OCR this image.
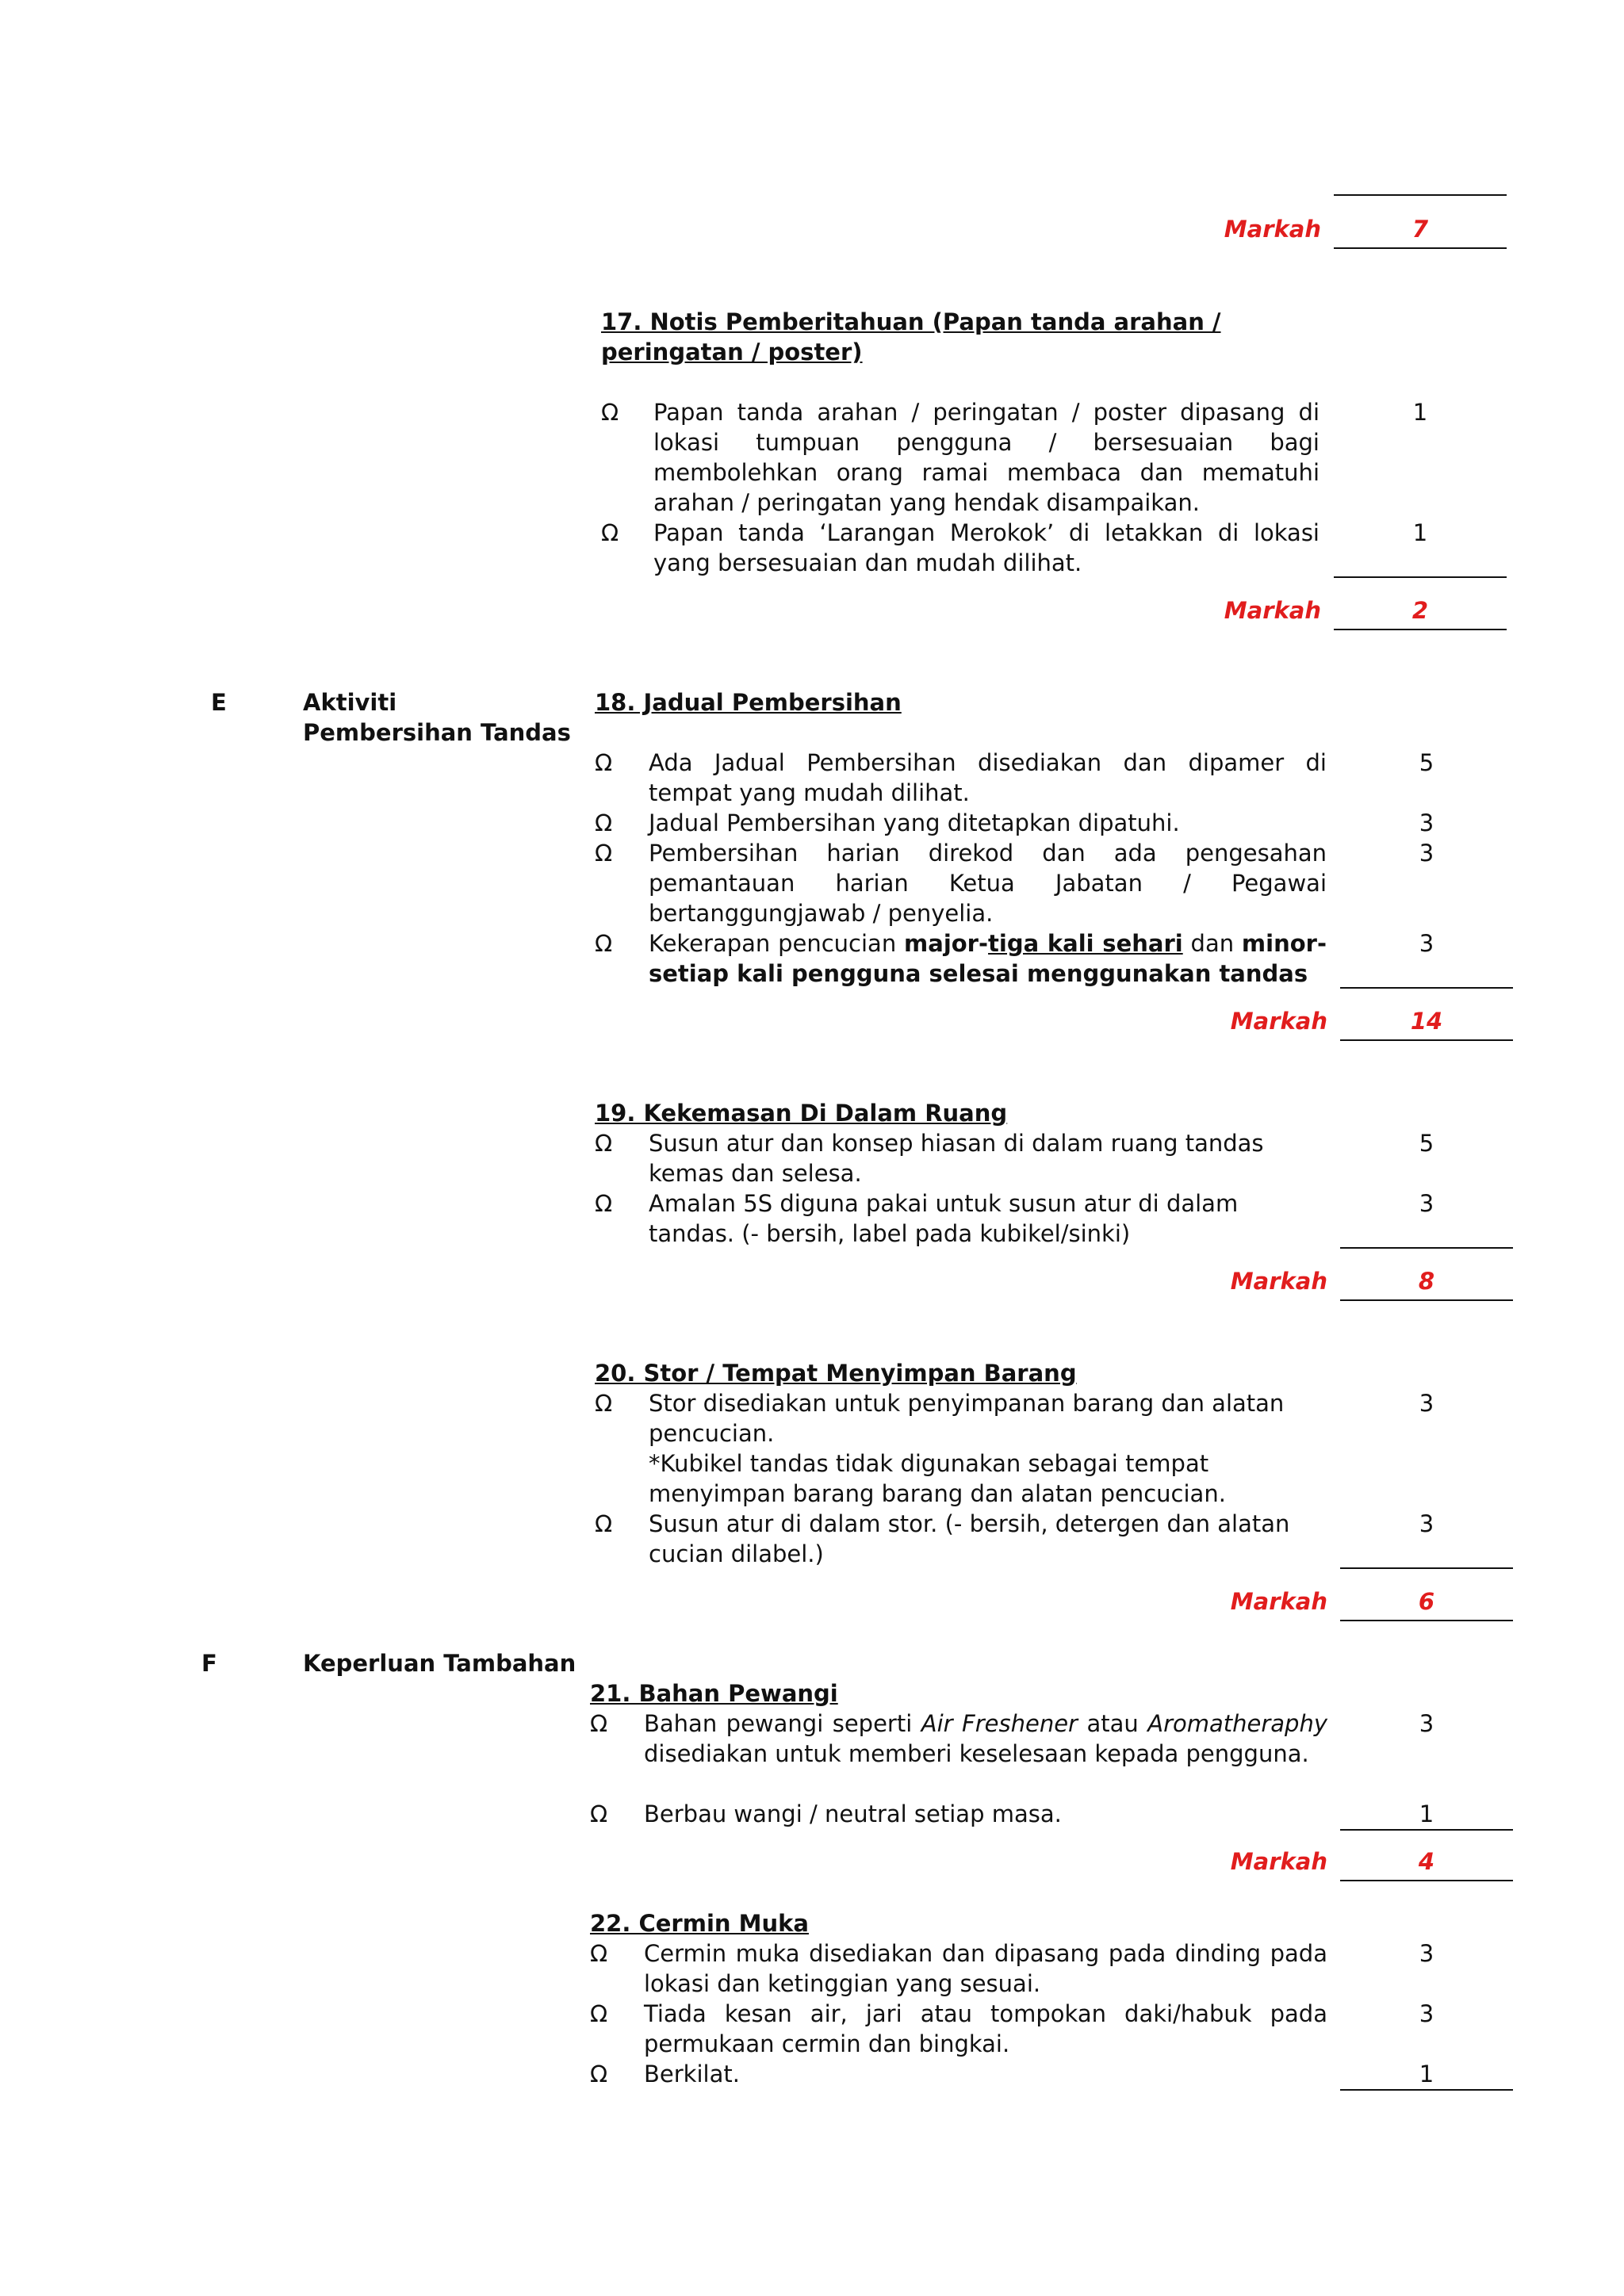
Markah	7
17. Notis Pemberitahuan (Papan tanda arahan / peringatan / poster)
Ω	Papan tanda arahan / peringatan / poster dipasang di lokasi tumpuan pengguna / bersesuaian bagi membolehkan orang ramai membaca dan mematuhi arahan / peringatan yang hendak disampaikan.
1
Ω	Papan tanda ‘Larangan Merokok’ di letakkan di lokasi yang bersesuaian dan mudah dilihat.
1
Markah	2
E	Aktiviti Pembersihan Tandas
18. Jadual Pembersihan
Ω	Ada Jadual Pembersihan disediakan dan dipamer di tempat yang mudah dilihat.
5
Ω	Jadual Pembersihan yang ditetapkan dipatuhi.	3
Ω	Pembersihan harian direkod dan ada pengesahan pemantauan harian Ketua Jabatan / Pegawai bertanggungjawab / penyelia.
3
Ω	Kekerapan pencucian major-tiga kali sehari dan minor- setiap kali pengguna selesai menggunakan tandas
3
Markah	14
19. Kekemasan Di Dalam Ruang
Ω	Susun atur dan konsep hiasan di dalam ruang tandas kemas dan selesa.
5
Ω	Amalan 5S diguna pakai untuk susun atur di dalam tandas. (- bersih, label pada kubikel/sinki)
3
Markah	8
20. Stor / Tempat Menyimpan Barang
Ω	Stor disediakan untuk penyimpanan barang dan alatan pencucian.
*Kubikel tandas tidak digunakan sebagai tempat menyimpan barang barang dan alatan pencucian.
3
Ω	Susun atur di dalam stor. (- bersih, detergen dan alatan cucian dilabel.)
3
Markah	6
F	Keperluan Tambahan
21. Bahan Pewangi
Ω	Bahan pewangi seperti Air Freshener atau Aromatheraphy disediakan untuk memberi keselesaan kepada pengguna.
3
Ω	Berbau wangi / neutral setiap masa.	1
Markah	4
22. Cermin Muka
Ω	Cermin muka disediakan dan dipasang pada dinding pada lokasi dan ketinggian yang sesuai.
3
Ω	Tiada kesan air, jari atau tompokan daki/habuk pada permukaan cermin dan bingkai.
3
Ω	Berkilat.	1
